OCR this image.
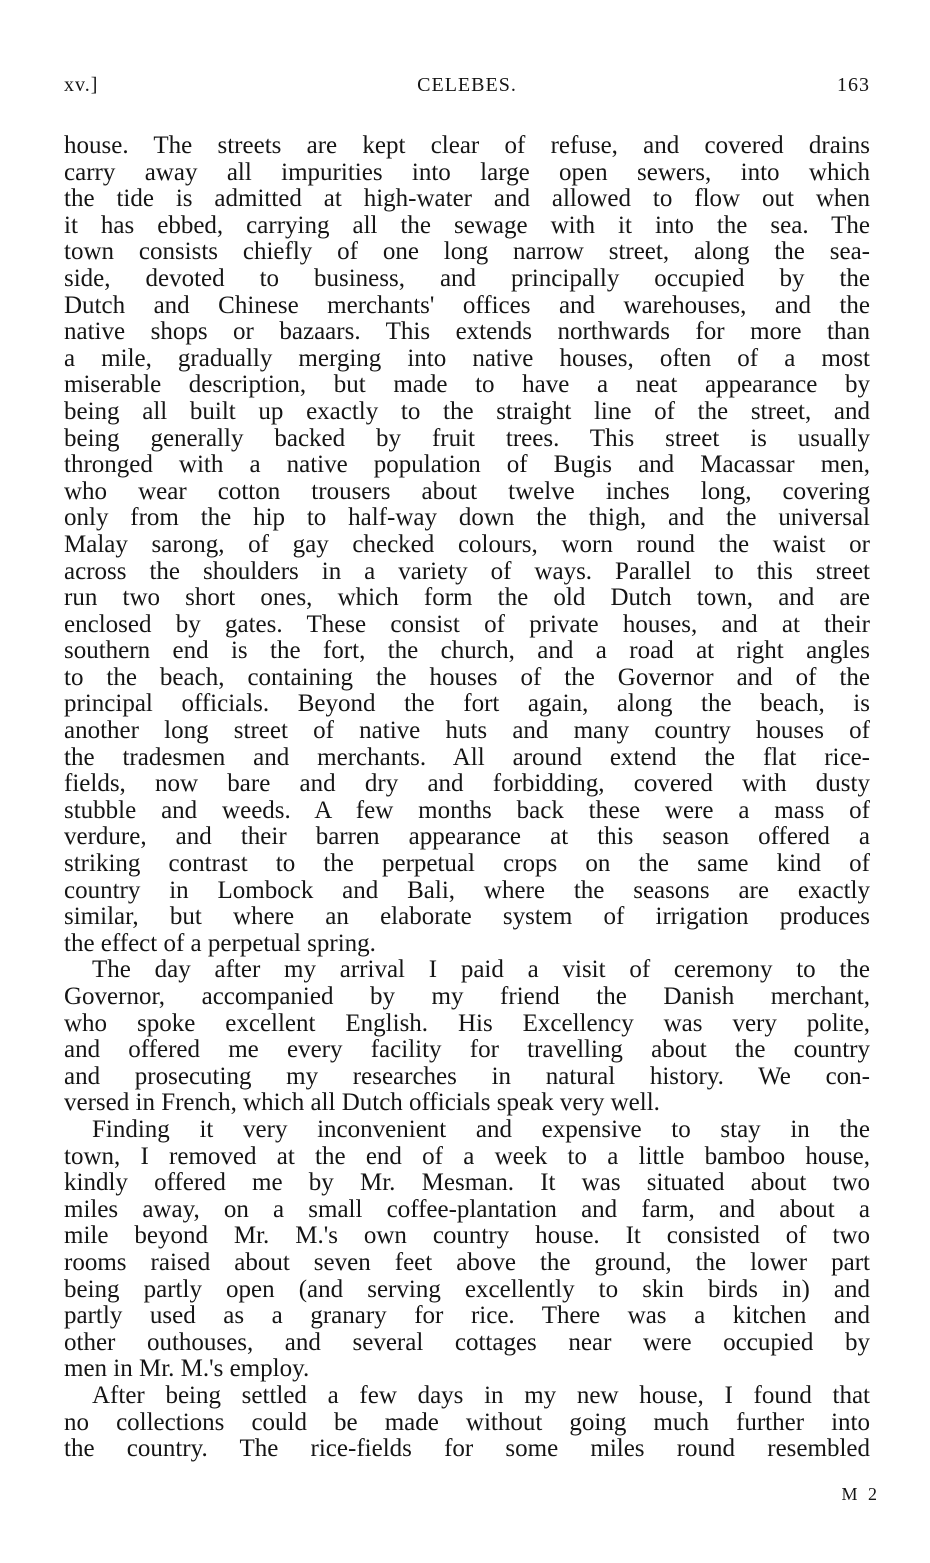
xv.]	CELEBES.	163
house. The streets are kept clear of refuse, and covered drains
carry away all impurities into large open sewers, into which
the tide is admitted at high-water and allowed to flow out when
it has ebbed, carrying all the sewage with it into the sea. The
town consists chiefly of one long narrow street, along the sea-
side, devoted to business, and principally occupied by the
Dutch and Chinese merchants' offices and warehouses, and the
native shops or bazaars. This extends northwards for more than
a mile, gradually merging into native houses, often of a most
miserable description, but made to have a neat appearance by
being all built up exactly to the straight line of the street, and
being generally backed by fruit trees. This street is usually
thronged with a native population of Bugis and Macassar men,
who wear cotton trousers about twelve inches long, covering
only from the hip to half-way down the thigh, and the universal
Malay sarong, of gay checked colours, worn round the waist or
across the shoulders in a variety of ways. Parallel to this street
run two short ones, which form the old Dutch town, and are
enclosed by gates. These consist of private houses, and at their
southern end is the fort, the church, and a road at right angles
to the beach, containing the houses of the Governor and of the
principal officials. Beyond the fort again, along the beach, is
another long street of native huts and many country houses of
the tradesmen and merchants. All around extend the flat rice-
fields, now bare and dry and forbidding, covered with dusty
stubble and weeds. A few months back these were a mass of
verdure, and their barren appearance at this season offered a
striking contrast to the perpetual crops on the same kind of
country in Lombock and Bali, where the seasons are exactly
similar, but where an elaborate system of irrigation produces
the effect of a perpetual spring.
The day after my arrival I paid a visit of ceremony to the
Governor, accompanied by my friend the Danish merchant,
who spoke excellent English. His Excellency was very polite,
and offered me every facility for travelling about the country
and prosecuting my researches in natural history. We con-
versed in French, which all Dutch officials speak very well.
Finding it very inconvenient and expensive to stay in the
town, I removed at the end of a week to a little bamboo house,
kindly offered me by Mr. Mesman. It was situated about two
miles away, on a small coffee-plantation and farm, and about a
mile beyond Mr. M.'s own country house. It consisted of two
rooms raised about seven feet above the ground, the lower part
being partly open (and serving excellently to skin birds in) and
partly used as a granary for rice. There was a kitchen and
other outhouses, and several cottages near were occupied by
men in Mr. M.'s employ.
After being settled a few days in my new house, I found that
no collections could be made without going much further into
the country. The rice-fields for some miles round resembled
M 2
